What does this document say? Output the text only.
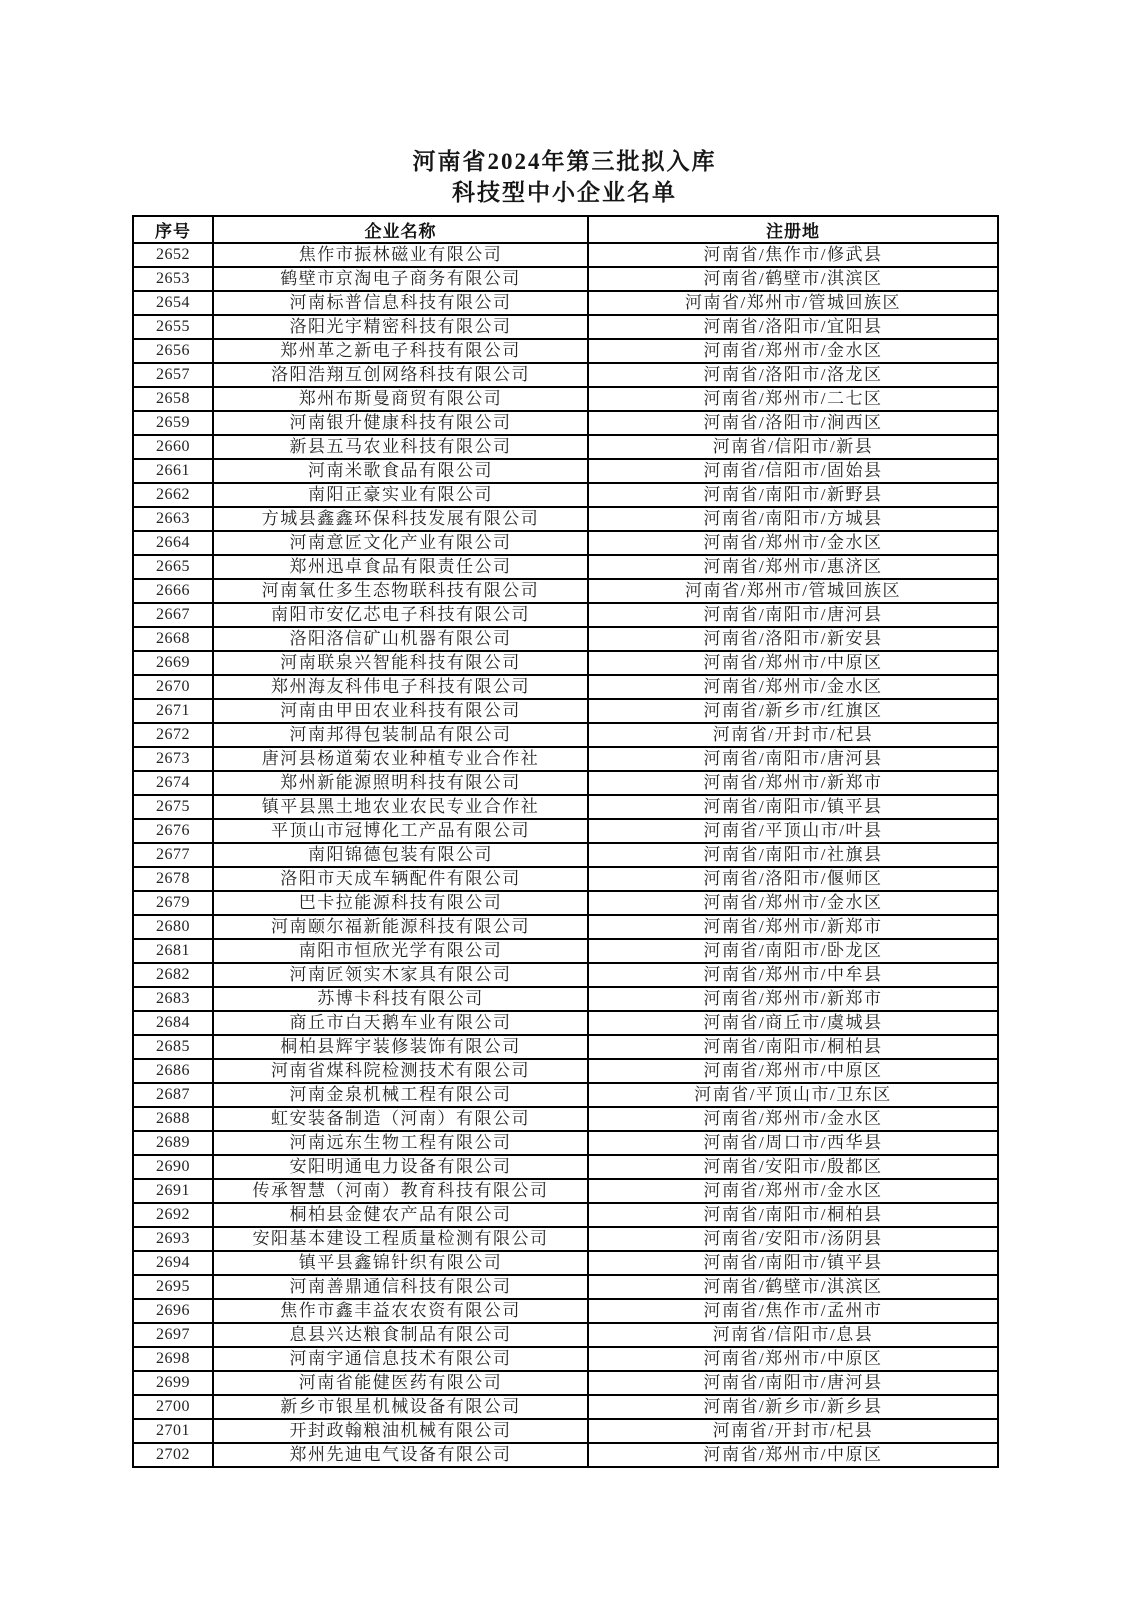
河南省2024年第三批拟入库
科技型中小企业名单
序号	企业名称	注册地
2652	焦作市振林磁业有限公司	河南省/焦作市/修武县
2653	鹤壁市京淘电子商务有限公司	河南省/鹤壁市/淇滨区
2654	河南标普信息科技有限公司	河南省/郑州市/管城回族区
2655	洛阳光宇精密科技有限公司	河南省/洛阳市/宜阳县
2656	郑州革之新电子科技有限公司	河南省/郑州市/金水区
2657	洛阳浩翔互创网络科技有限公司	河南省/洛阳市/洛龙区
2658	郑州布斯曼商贸有限公司	河南省/郑州市/二七区
2659	河南银升健康科技有限公司	河南省/洛阳市/涧西区
2660	新县五马农业科技有限公司	河南省/信阳市/新县
2661	河南米歌食品有限公司	河南省/信阳市/固始县
2662	南阳正豪实业有限公司	河南省/南阳市/新野县
2663	方城县鑫鑫环保科技发展有限公司	河南省/南阳市/方城县
2664	河南意匠文化产业有限公司	河南省/郑州市/金水区
2665	郑州迅卓食品有限责任公司	河南省/郑州市/惠济区
2666	河南氧仕多生态物联科技有限公司	河南省/郑州市/管城回族区
2667	南阳市安亿芯电子科技有限公司	河南省/南阳市/唐河县
2668	洛阳洛信矿山机器有限公司	河南省/洛阳市/新安县
2669	河南联泉兴智能科技有限公司	河南省/郑州市/中原区
2670	郑州海友科伟电子科技有限公司	河南省/郑州市/金水区
2671	河南由甲田农业科技有限公司	河南省/新乡市/红旗区
2672	河南邦得包装制品有限公司	河南省/开封市/杞县
2673	唐河县杨道菊农业种植专业合作社	河南省/南阳市/唐河县
2674	郑州新能源照明科技有限公司	河南省/郑州市/新郑市
2675	镇平县黑土地农业农民专业合作社	河南省/南阳市/镇平县
2676	平顶山市冠博化工产品有限公司	河南省/平顶山市/叶县
2677	南阳锦德包装有限公司	河南省/南阳市/社旗县
2678	洛阳市天成车辆配件有限公司	河南省/洛阳市/偃师区
2679	巴卡拉能源科技有限公司	河南省/郑州市/金水区
2680	河南颐尔福新能源科技有限公司	河南省/郑州市/新郑市
2681	南阳市恒欣光学有限公司	河南省/南阳市/卧龙区
2682	河南匠领实木家具有限公司	河南省/郑州市/中牟县
2683	苏博卡科技有限公司	河南省/郑州市/新郑市
2684	商丘市白天鹅车业有限公司	河南省/商丘市/虞城县
2685	桐柏县辉宇装修装饰有限公司	河南省/南阳市/桐柏县
2686	河南省煤科院检测技术有限公司	河南省/郑州市/中原区
2687	河南金泉机械工程有限公司	河南省/平顶山市/卫东区
2688	虹安装备制造（河南）有限公司	河南省/郑州市/金水区
2689	河南远东生物工程有限公司	河南省/周口市/西华县
2690	安阳明通电力设备有限公司	河南省/安阳市/殷都区
2691	传承智慧（河南）教育科技有限公司	河南省/郑州市/金水区
2692	桐柏县金健农产品有限公司	河南省/南阳市/桐柏县
2693	安阳基本建设工程质量检测有限公司	河南省/安阳市/汤阴县
2694	镇平县鑫锦针织有限公司	河南省/南阳市/镇平县
2695	河南善鼎通信科技有限公司	河南省/鹤壁市/淇滨区
2696	焦作市鑫丰益农农资有限公司	河南省/焦作市/孟州市
2697	息县兴达粮食制品有限公司	河南省/信阳市/息县
2698	河南宇通信息技术有限公司	河南省/郑州市/中原区
2699	河南省能健医药有限公司	河南省/南阳市/唐河县
2700	新乡市银星机械设备有限公司	河南省/新乡市/新乡县
2701	开封政翰粮油机械有限公司	河南省/开封市/杞县
2702	郑州先迪电气设备有限公司	河南省/郑州市/中原区
